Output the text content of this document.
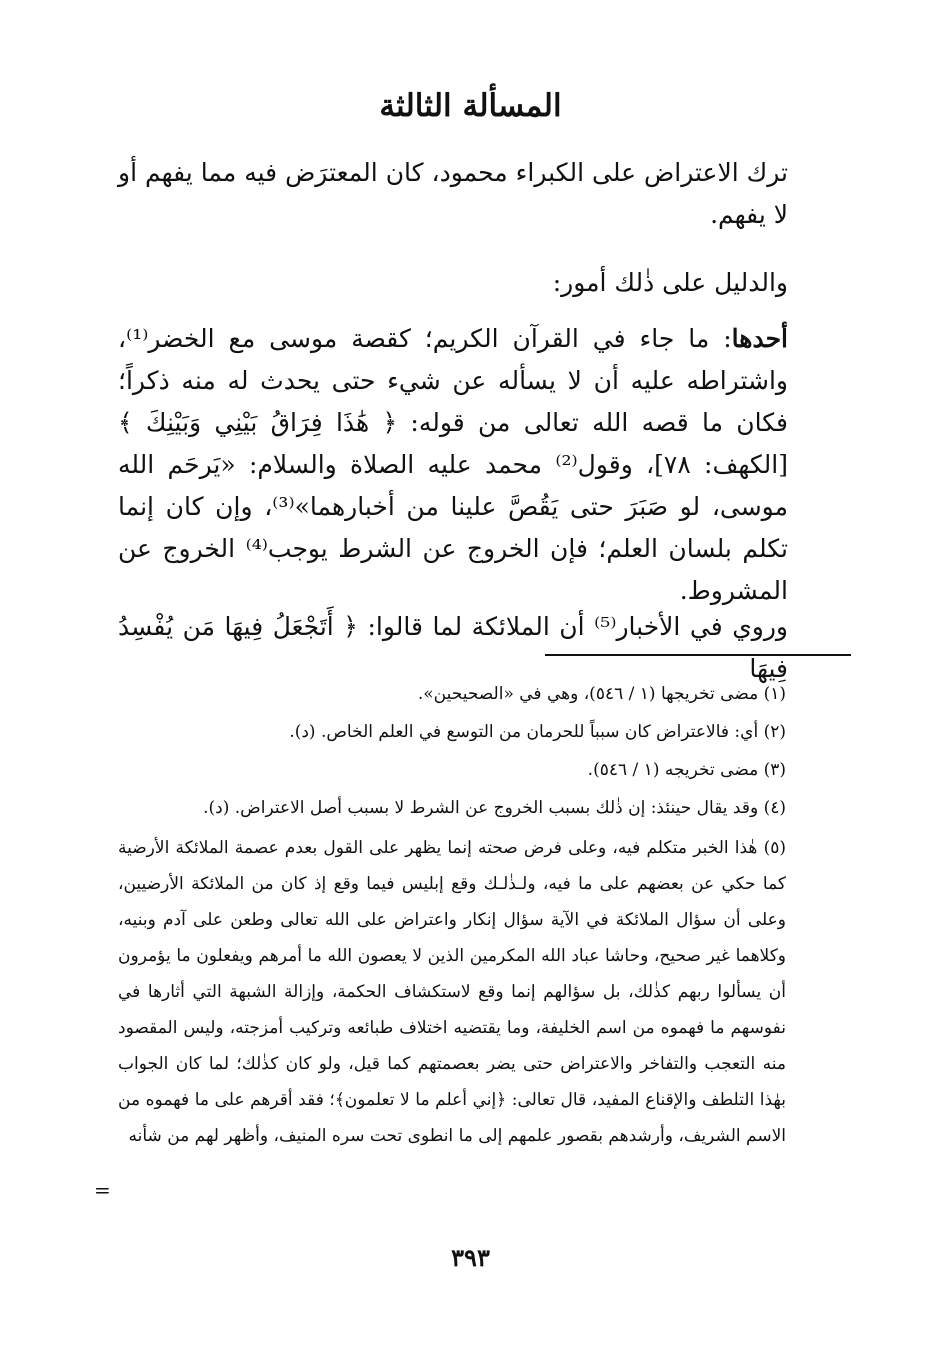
المسألة الثالثة
ترك الاعتراض على الكبراء محمود، كان المعترَض فيه مما يفهم أو لا يفهم.
والدليل على ذٰلك أمور:
أحدها: ما جاء في القرآن الكريم؛ كقصة موسى مع الخضر⁽¹⁾، واشتراطه عليه أن لا يسأله عن شيء حتى يحدث له منه ذكراً؛ فكان ما قصه الله تعالى من قوله: ﴿ هَٰذَا فِرَاقُ بَيْنِي وَبَيْنِكَ ﴾ [الكهف: ٧٨]، وقول⁽²⁾ محمد عليه الصلاة والسلام: «يَرحَم الله موسى، لو صَبَرَ حتى يَقُصَّ علينا من أخبارهما»⁽³⁾، وإن كان إنما تكلم بلسان العلم؛ فإن الخروج عن الشرط يوجب⁽⁴⁾ الخروج عن المشروط.
وروي في الأخبار⁽⁵⁾ أن الملائكة لما قالوا: ﴿ أَتَجْعَلُ فِيهَا مَن يُفْسِدُ فِيهَا
(١) مضى تخريجها (١ / ٥٤٦)، وهي في «الصحيحين».
(٢) أي: فالاعتراض كان سبباً للحرمان من التوسع في العلم الخاص. (د).
(٣) مضى تخريجه (١ / ٥٤٦).
(٤) وقد يقال حينئذ: إن ذٰلك بسبب الخروج عن الشرط لا بسبب أصل الاعتراض. (د).
(٥) هٰذا الخبر متكلم فيه، وعلى فرض صحته إنما يظهر على القول بعدم عصمة الملائكة الأرضية كما حكي عن بعضهم على ما فيه، ولـذٰلـك وقع إبليس فيما وقع إذ كان من الملائكة الأرضيين، وعلى أن سؤال الملائكة في الآية سؤال إنكار واعتراض على الله تعالى وطعن على آدم وبنيه، وكلاهما غير صحيح، وحاشا عباد الله المكرمين الذين لا يعصون الله ما أمرهم ويفعلون ما يؤمرون أن يسألوا ربهم كذٰلك، بل سؤالهم إنما وقع لاستكشاف الحكمة، وإزالة الشبهة التي أثارها في نفوسهم ما فهموه من اسم الخليفة، وما يقتضيه اختلاف طبائعه وتركيب أمزجته، وليس المقصود منه التعجب والتفاخر والاعتراض حتى يضر بعصمتهم كما قيل، ولو كان كذٰلك؛ لما كان الجواب بهٰذا التلطف والإقناع المفيد، قال تعالى: ﴿إني أعلم ما لا تعلمون﴾؛ فقد أقرهم على ما فهموه من الاسم الشريف، وأرشدهم بقصور علمهم إلى ما انطوى تحت سره المنيف، وأظهر لهم من شأنه
=
٣٩٣
